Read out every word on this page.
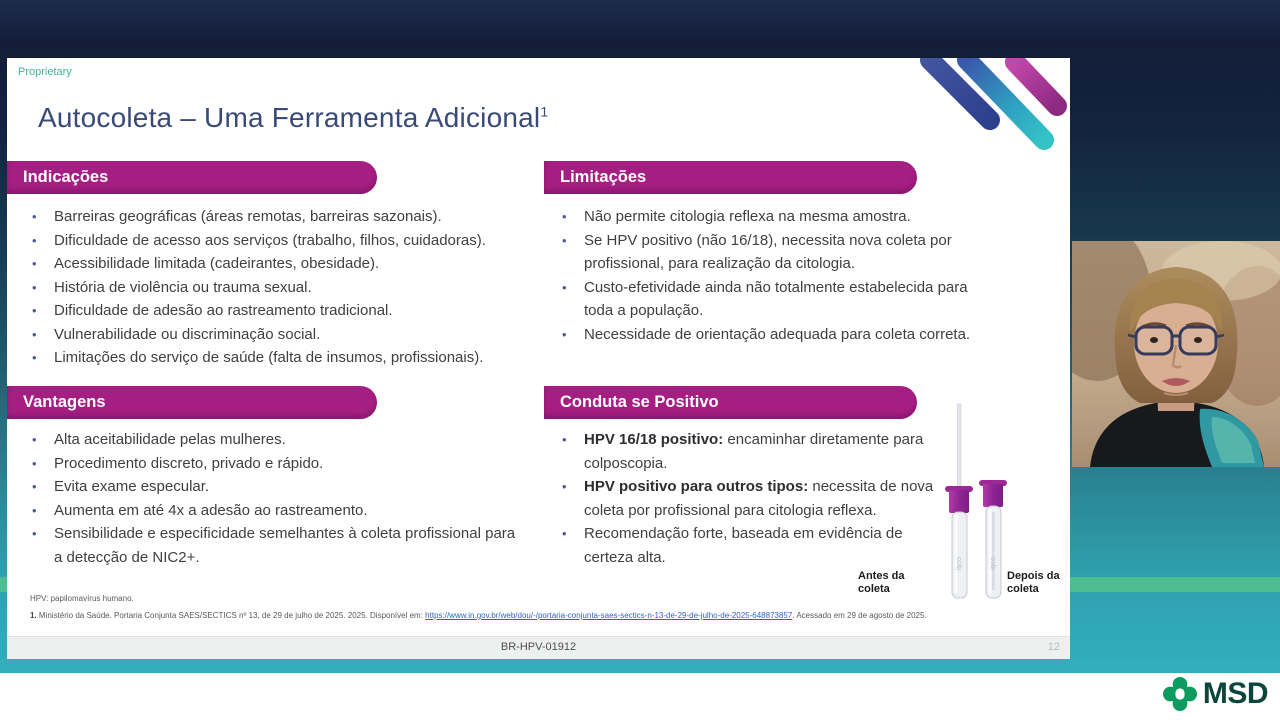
Proprietary
Autocoleta – Uma Ferramenta Adicional$^1$
Indicações	Limitações
Vantagens	Conduta se Positivo
• Barreiras geográficas (áreas remotas, barreiras sazonais).
• Dificuldade de acesso aos serviços (trabalho, filhos, cuidadoras).
• Acessibilidade limitada (cadeirantes, obesidade).
• História de violência ou trauma sexual.
• Dificuldade de adesão ao rastreamento tradicional.
• Vulnerabilidade ou discriminação social.
• Limitações do serviço de saúde (falta de insumos, profissionais).
• Não permite citologia reflexa na mesma amostra.
• Se HPV positivo (não 16/18), necessita nova coleta por profissional, para realização da citologia.
• Custo-efetividade ainda não totalmente estabelecida para toda a população.
• Necessidade de orientação adequada para coleta correta.
• Alta aceitabilidade pelas mulheres.
• Procedimento discreto, privado e rápido.
• Evita exame especular.
• Aumenta em até 4x a adesão ao rastreamento.
• Sensibilidade e especificidade semelhantes à coleta profissional para a detecção de NIC2+.
• HPV 16/18 positivo: encaminhar diretamente para colposcopia.
• HPV positivo para outros tipos: necessita de nova coleta por profissional para citologia reflexa.
• Recomendação forte, baseada em evidência de certeza alta.	iqco	iqco
Antes da coleta
Depois da coleta
HPV: papilomavírus humano.
1. Ministério da Saúde. Portaria Conjunta SAES/SECTICS nº 13, de 29 de julho de 2025. 2025. Disponível em: https://www.in.gov.br/web/dou/-/portaria-conjunta-saes-sectics-n-13-de-29-de-julho-de-2025-648873857. Acessado em 29 de agosto de 2025.
BR-HPV-01912	12
MSD
